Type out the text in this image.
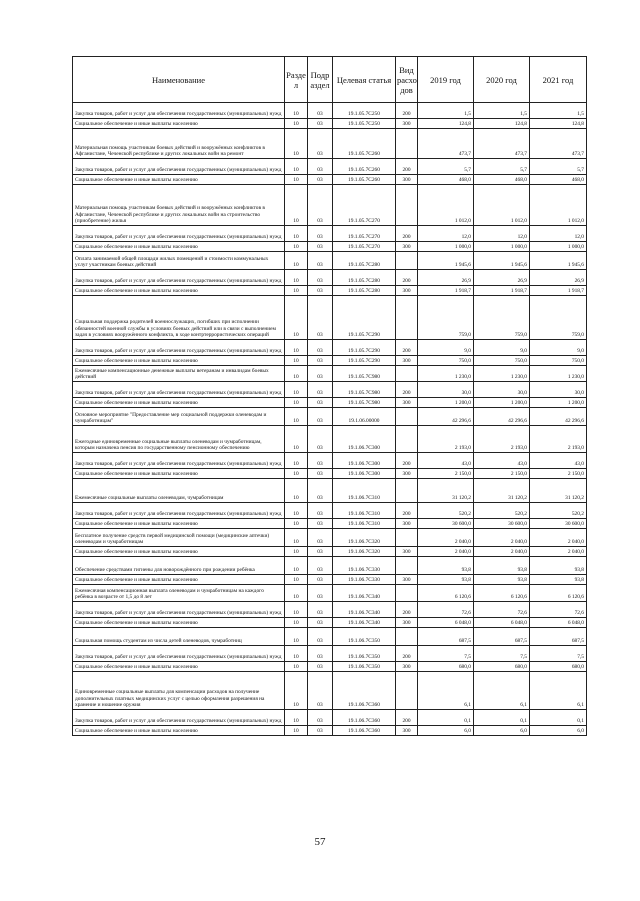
Наименование	Разде л	Подр аздел	Целевая статья	Вид расхо дов	2019 год	2020 год	2021 год
Закупка товаров, работ и услуг для обеспечения государственных (муниципальных) нужд	10	03	19.1.05.7С250	200	1,5	1,5	1,5
Социальное обеспечение и иные выплаты населению	10	03	19.1.05.7С250	300	124,8	124,8	124,8
Материальная помощь участникам боевых действий и вооружённых конфликтов в Афганистане, Чеченской республике и других локальных войн на ремонт	10	03	19.1.05.7С260		473,7	473,7	473,7
Закупка товаров, работ и услуг для обеспечения государственных (муниципальных) нужд	10	03	19.1.05.7С260	200	5,7	5,7	5,7
Социальное обеспечение и иные выплаты населению	10	03	19.1.05.7С260	300	468,0	468,0	468,0
Материальная помощь участникам боевых действий и вооружённых конфликтов в Афганистане, Чеченской республике и других локальных войн на строительство (приобретение) жилья	10	03	19.1.05.7С270		1 012,0	1 012,0	1 012,0
Закупка товаров, работ и услуг для обеспечения государственных (муниципальных) нужд	10	03	19.1.05.7С270	200	12,0	12,0	12,0
Социальное обеспечение и иные выплаты населению	10	03	19.1.05.7С270	300	1 000,0	1 000,0	1 000,0
Оплата занимаемой общей площади жилых помещений и стоимости коммунальных услуг участникам боевых действий	10	03	19.1.05.7С280		1 945,6	1 945,6	1 945,6
Закупка товаров, работ и услуг для обеспечения государственных (муниципальных) нужд	10	03	19.1.05.7С280	200	26,9	26,9	26,9
Социальное обеспечение и иные выплаты населению	10	03	19.1.05.7С280	300	1 918,7	1 918,7	1 918,7
Социальная поддержка родителей военнослужащих, погибших при исполнении обязанностей военной службы в условиях боевых действий или в связи с выполнением задач в условиях вооружённого конфликта, в ходе контртеррористических операций	10	03	19.1.05.7С290		759,0	759,0	759,0
Закупка товаров, работ и услуг для обеспечения государственных (муниципальных) нужд	10	03	19.1.05.7С290	200	9,0	9,0	9,0
Социальное обеспечение и иные выплаты населению	10	03	19.1.05.7С290	300	750,0	750,0	750,0
Ежемесячные компенсационные денежные выплаты ветеранам и инвалидам боевых действий	10	03	19.1.05.7С980		1 230,0	1 230,0	1 230,0
Закупка товаров, работ и услуг для обеспечения государственных (муниципальных) нужд	10	03	19.1.05.7С980	200	30,0	30,0	30,0
Социальное обеспечение и иные выплаты населению	10	03	19.1.05.7С980	300	1 200,0	1 200,0	1 200,0
Основное мероприятие "Предоставление мер социальной поддержки оленеводам и чумработницам"	10	03	19.1.06.00000		42 296,6	42 296,6	42 296,6
Ежегодные единовременные социальные выплаты оленеводам и чумработницам, которым назначена пенсия по государственному пенсионному обеспечению	10	03	19.1.06.7С300		2 193,0	2 193,0	2 193,0
Закупка товаров, работ и услуг для обеспечения государственных (муниципальных) нужд	10	03	19.1.06.7С300	200	43,0	43,0	43,0
Социальное обеспечение и иные выплаты населению	10	03	19.1.06.7С300	300	2 150,0	2 150,0	2 150,0
Ежемесячные социальные выплаты оленеводам, чумработницам	10	03	19.1.06.7С310		31 120,2	31 120,2	31 120,2
Закупка товаров, работ и услуг для обеспечения государственных (муниципальных) нужд	10	03	19.1.06.7С310	200	520,2	520,2	520,2
Социальное обеспечение и иные выплаты населению	10	03	19.1.06.7С310	300	30 600,0	30 600,0	30 600,0
Бесплатное получение средств первой медицинской помощи (медицинские аптечки) оленеводам и чумработницам	10	03	19.1.06.7С320		2 040,0	2 040,0	2 040,0
Социальное обеспечение и иные выплаты населению	10	03	19.1.06.7С320	300	2 040,0	2 040,0	2 040,0
Обеспечение средствами гигиены для новорождённого при рождении ребёнка	10	03	19.1.06.7С330		93,8	93,8	93,8
Социальное обеспечение и иные выплаты населению	10	03	19.1.06.7С330	300	93,8	93,8	93,8
Ежемесячная компенсационная выплата оленеводам и чумработницам на каждого ребёнка в возрасте от 1,5 до 8 лет	10	03	19.1.06.7С340		6 120,6	6 120,6	6 120,6
Закупка товаров, работ и услуг для обеспечения государственных (муниципальных) нужд	10	03	19.1.06.7С340	200	72,6	72,6	72,6
Социальное обеспечение и иные выплаты населению	10	03	19.1.06.7С340	300	6 048,0	6 048,0	6 048,0
Социальная помощь студентам из числа детей оленеводов, чумработниц	10	03	19.1.06.7С350		687,5	687,5	687,5
Закупка товаров, работ и услуг для обеспечения государственных (муниципальных) нужд	10	03	19.1.06.7С350	200	7,5	7,5	7,5
Социальное обеспечение и иные выплаты населению	10	03	19.1.06.7С350	300	680,0	680,0	680,0
Единовременные социальные выплаты для компенсации расходов на получение дополнительных платных медицинских услуг с целью оформления разрешения на хранение и ношение оружия	10	03	19.1.06.7С360		6,1	6,1	6,1
Закупка товаров, работ и услуг для обеспечения государственных (муниципальных) нужд	10	03	19.1.06.7С360	200	0,1	0,1	0,1
Социальное обеспечение и иные выплаты населению	10	03	19.1.06.7С360	300	6,0	6,0	6,0
57
